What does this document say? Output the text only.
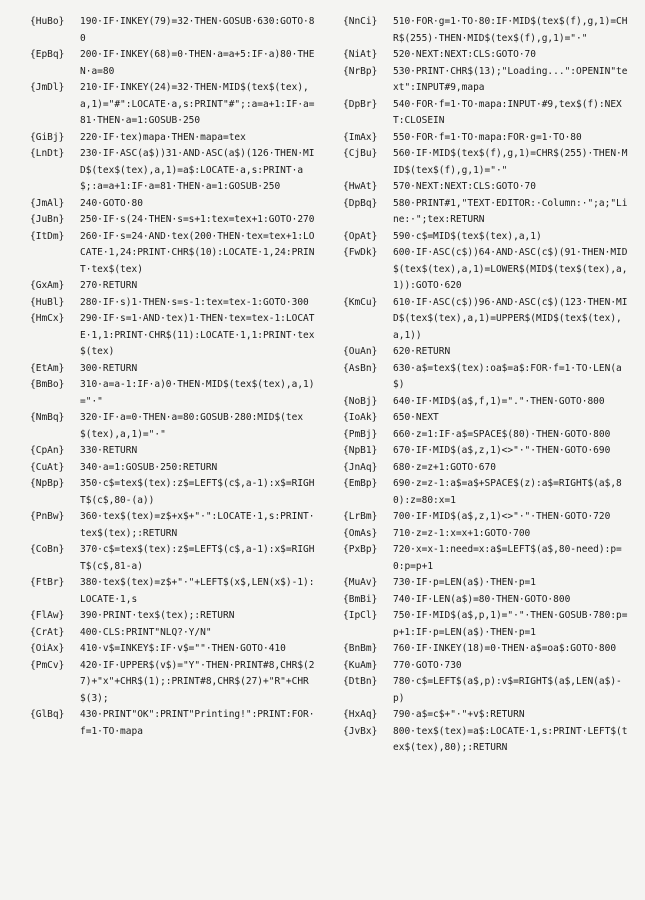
{HuBo}	190·IF·INKEY(79)=32·THEN·GOSUB·630:GOTO·80
{EpBq}	200·IF·INKEY(68)=0·THEN·a=a+5:IF·a)80·THEN·a=80
{JmDl}	210·IF·INKEY(24)=32·THEN·MID$(tex$(tex),a,1)="#":LOCATE·a,s:PRINT"#";:a=a+1:IF·a=81·THEN·a=1:GOSUB·250
{GiBj}	220·IF·tex)mapa·THEN·mapa=tex
{LnDt}	230·IF·ASC(a$))31·AND·ASC(a$)(126·THEN·MID$(tex$(tex),a,1)=a$:LOCATE·a,s:PRINT·a$;:a=a+1:IF·a=81·THEN·a=1:GOSUB·250
{JmAl}	240·GOTO·80
{JuBn}	250·IF·s(24·THEN·s=s+1:tex=tex+1:GOTO·270
{ItDm}	260·IF·s=24·AND·tex(200·THEN·tex=tex+1:LOCATE·1,24:PRINT·CHR$(10):LOCATE·1,24:PRINT·tex$(tex)
{GxAm}	270·RETURN
{HuBl}	280·IF·s)1·THEN·s=s-1:tex=tex-1:GOTO·300
{HmCx}	290·IF·s=1·AND·tex)1·THEN·tex=tex-1:LOCATE·1,1:PRINT·CHR$(11):LOCATE·1,1:PRINT·tex$(tex)
{EtAm}	300·RETURN
{BmBo}	310·a=a-1:IF·a)0·THEN·MID$(tex$(tex),a,1)="·"
{NmBq}	320·IF·a=0·THEN·a=80:GOSUB·280:MID$(tex$(tex),a,1)="·"
{CpAn}	330·RETURN
{CuAt}	340·a=1:GOSUB·250:RETURN
{NpBp}	350·c$=tex$(tex):z$=LEFT$(c$,a-1):x$=RIGHT$(c$,80-(a))
{PnBw}	360·tex$(tex)=z$+x$+"·":LOCATE·1,s:PRINT·tex$(tex);:RETURN
{CoBn}	370·c$=tex$(tex):z$=LEFT$(c$,a-1):x$=RIGHT$(c$,81-a)
{FtBr}	380·tex$(tex)=z$+"·"+LEFT$(x$,LEN(x$)-1):LOCATE·1,s
{FlAw}	390·PRINT·tex$(tex);:RETURN
{CrAt}	400·CLS:PRINT"NLQ?·Y/N"
{OiAx}	410·v$=INKEY$:IF·v$=""·THEN·GOTO·410
{PmCv}	420·IF·UPPER$(v$)="Y"·THEN·PRINT#8,CHR$(27)+"x"+CHR$(1);:PRINT#8,CHR$(27)+"R"+CHR$(3);
{GlBq}	430·PRINT"OK":PRINT"Printing!":PRINT:FOR·f=1·TO·mapa
{NnCi}	510·FOR·g=1·TO·80:IF·MID$(tex$(f),g,1)=CHR$(255)·THEN·MID$(tex$(f),g,1)="·"
{NiAt}	520·NEXT:NEXT:CLS:GOTO·70
{NrBp}	530·PRINT·CHR$(13);"Loading...":OPENIN"text":INPUT#9,mapa
{DpBr}	540·FOR·f=1·TO·mapa:INPUT·#9,tex$(f):NEXT:CLOSEIN
{ImAx}	550·FOR·f=1·TO·mapa:FOR·g=1·TO·80
{CjBu}	560·IF·MID$(tex$(f),g,1)=CHR$(255)·THEN·MID$(tex$(f),g,1)="·"
{HwAt}	570·NEXT:NEXT:CLS:GOTO·70
{DpBq}	580·PRINT#1,"TEXT·EDITOR:·Column:·";a;"Line:·";tex:RETURN
{OpAt}	590·c$=MID$(tex$(tex),a,1)
{FwDk}	600·IF·ASC(c$))64·AND·ASC(c$)(91·THEN·MID$(tex$(tex),a,1)=LOWER$(MID$(tex$(tex),a,1)):GOTO·620
{KmCu}	610·IF·ASC(c$))96·AND·ASC(c$)(123·THEN·MID$(tex$(tex),a,1)=UPPER$(MID$(tex$(tex),a,1))
{OuAn}	620·RETURN
{AsBn}	630·a$=tex$(tex):oa$=a$:FOR·f=1·TO·LEN(a$)
{NoBj}	640·IF·MID$(a$,f,1)="."·THEN·GOTO·800
{IoAk}	650·NEXT
{PmBj}	660·z=1:IF·a$=SPACE$(80)·THEN·GOTO·800
{NpB1}	670·IF·MID$(a$,z,1)<>"·"·THEN·GOTO·690
{JnAq}	680·z=z+1:GOTO·670
{EmBp}	690·z=z-1:a$=a$+SPACE$(z):a$=RIGHT$(a$,80):z=80:x=1
{LrBm}	700·IF·MID$(a$,z,1)<>"·"·THEN·GOTO·720
{OmAs}	710·z=z-1:x=x+1:GOTO·700
{PxBp}	720·x=x-1:need=x:a$=LEFT$(a$,80-need):p=0:p=p+1
{MuAv}	730·IF·p=LEN(a$)·THEN·p=1
{BmBi}	740·IF·LEN(a$)=80·THEN·GOTO·800
{IpCl}	750·IF·MID$(a$,p,1)="·"·THEN·GOSUB·780:p=p+1:IF·p=LEN(a$)·THEN·p=1
{BnBm}	760·IF·INKEY(18)=0·THEN·a$=oa$:GOTO·800
{KuAm}	770·GOTO·730
{DtBn}	780·c$=LEFT$(a$,p):v$=RIGHT$(a$,LEN(a$)-p)
{HxAq}	790·a$=c$+"·"+v$:RETURN
{JvBx}	800·tex$(tex)=a$:LOCATE·1,s:PRINT·LEFT$(tex$(tex),80);:RETURN
